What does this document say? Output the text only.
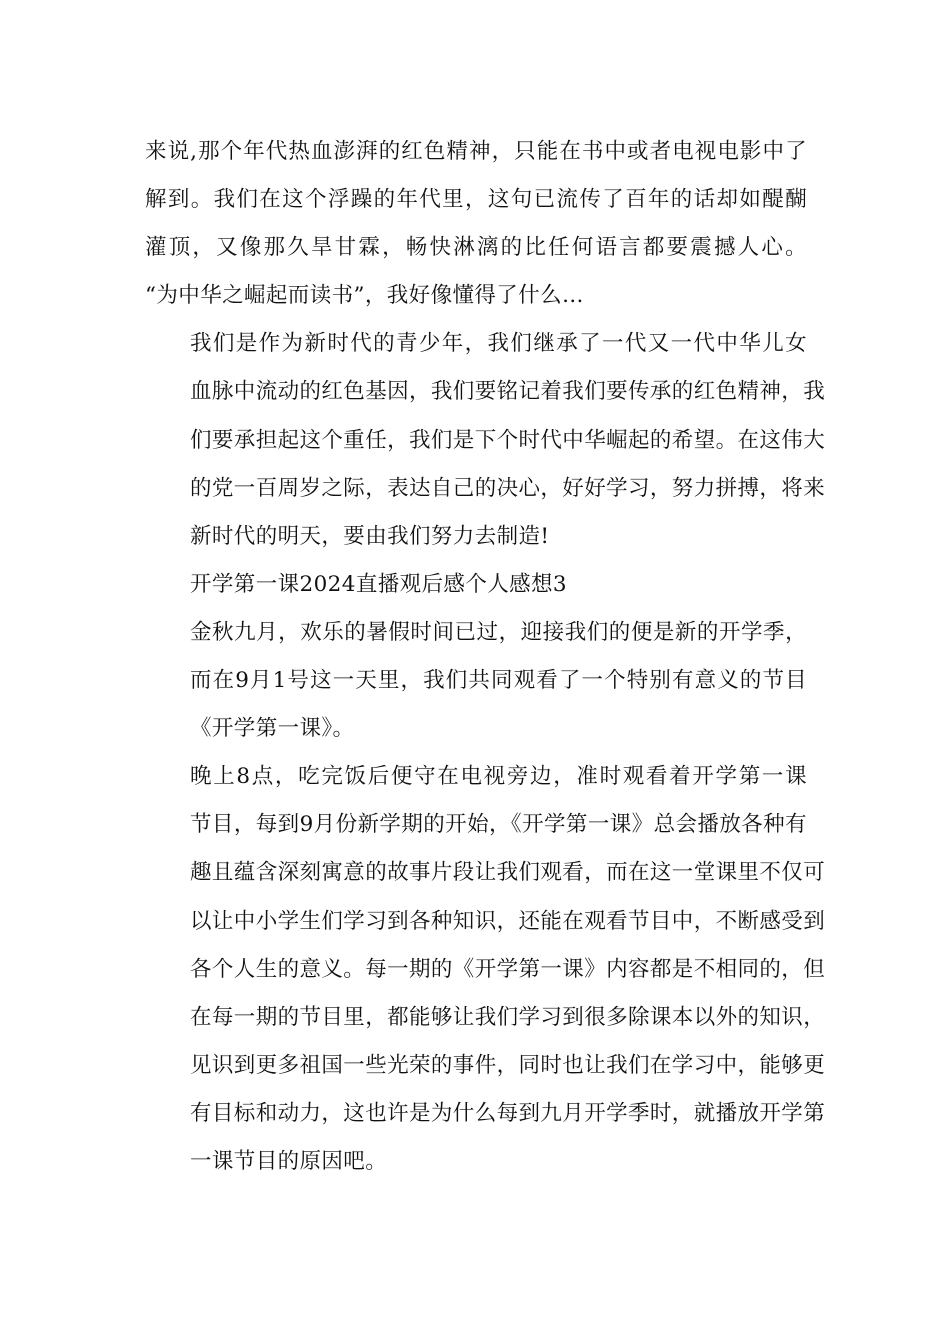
来说,那个年代热血澎湃的红色精神，只能在书中或者电视电影中了
解到。我们在这个浮躁的年代里，这句已流传了百年的话却如醍醐
灌顶，又像那久旱甘霖，畅快淋漓的比任何语言都要震撼人心。
“为中华之崛起而读书”，我好像懂得了什么…

我们是作为新时代的青少年，我们继承了一代又一代中华儿女
血脉中流动的红色基因，我们要铭记着我们要传承的红色精神，我
们要承担起这个重任，我们是下个时代中华崛起的希望。在这伟大
的党一百周岁之际，表达自己的决心，好好学习，努力拼搏，将来
新时代的明天，要由我们努力去制造!

开学第一课2024直播观后感个人感想3

金秋九月，欢乐的暑假时间已过，迎接我们的便是新的开学季，
而在9月1号这一天里，我们共同观看了一个特别有意义的节目
《开学第一课》。

晚上8点，吃完饭后便守在电视旁边，准时观看着开学第一课
节目，每到9月份新学期的开始，《开学第一课》总会播放各种有
趣且蕴含深刻寓意的故事片段让我们观看，而在这一堂课里不仅可
以让中小学生们学习到各种知识，还能在观看节目中，不断感受到
各个人生的意义。每一期的《开学第一课》内容都是不相同的，但
在每一期的节目里，都能够让我们学习到很多除课本以外的知识，
见识到更多祖国一些光荣的事件，同时也让我们在学习中，能够更
有目标和动力，这也许是为什么每到九月开学季时，就播放开学第
一课节目的原因吧。
